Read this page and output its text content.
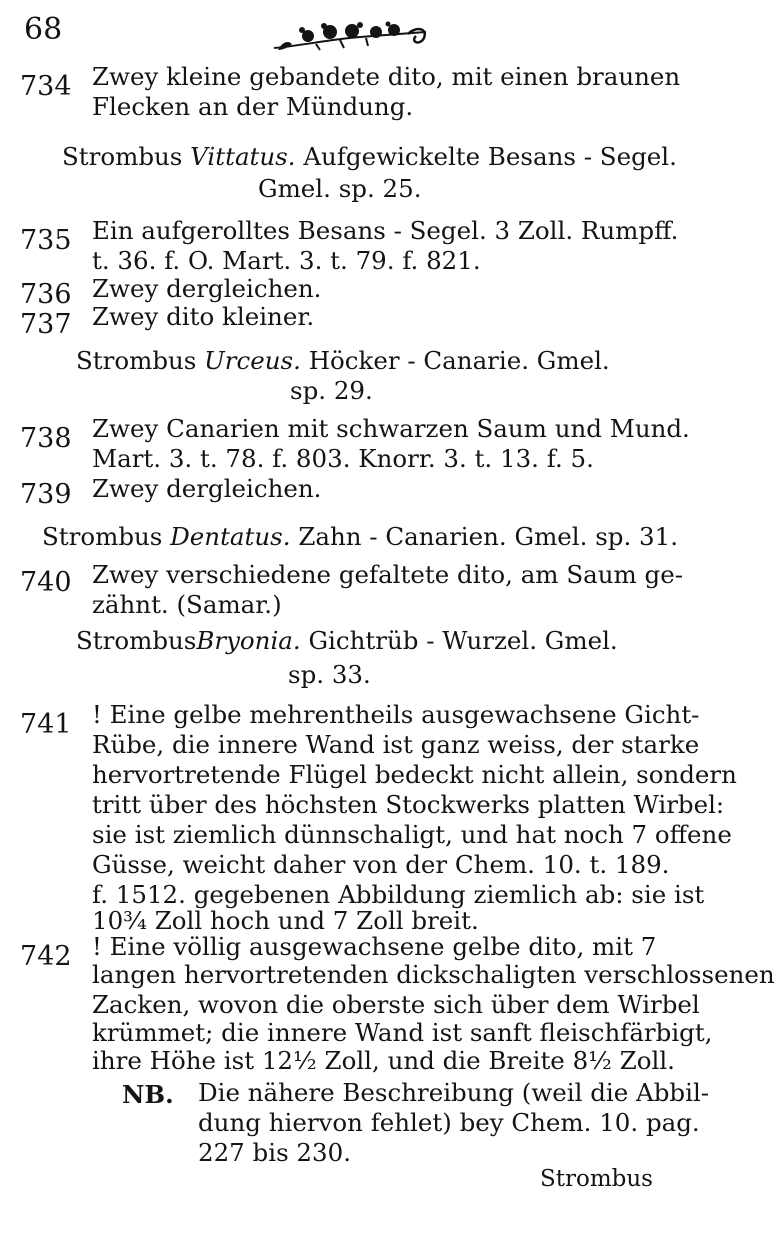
68
734 Zwey kleine gebandete dito, mit einen braunen
Flecken an der Mündung.
Strombus Vittatus. Aufgewickelte Besans - Segel.
Gmel. sp. 25.
735 Ein aufgerolltes Besans - Segel. 3 Zoll. Rumpff.
t. 36. f. O. Mart. 3. t. 79. f. 821.
736 Zwey dergleichen.
737 Zwey dito kleiner.
Strombus Urceus. Höcker - Canarie. Gmel.
sp. 29.
738 Zwey Canarien mit schwarzen Saum und Mund.
Mart. 3. t. 78. f. 803. Knorr. 3. t. 13. f. 5.
739 Zwey dergleichen.
Strombus Dentatus. Zahn - Canarien. Gmel. sp. 31.
740 Zwey verschiedene gefaltete dito, am Saum ge-
zähnt. (Samar.)
StrombusBryonia. Gichtrüb - Wurzel. Gmel.
sp. 33.
741 ! Eine gelbe mehrentheils ausgewachsene Gicht-
Rübe, die innere Wand ist ganz weiss, der starke
hervortretende Flügel bedeckt nicht allein, sondern
tritt über des höchsten Stockwerks platten Wirbel:
sie ist ziemlich dünnschaligt, und hat noch 7 offene
Güsse, weicht daher von der Chem. 10. t. 189.
f. 1512. gegebenen Abbildung ziemlich ab: sie ist
10¾ Zoll hoch und 7 Zoll breit.
742 ! Eine völlig ausgewachsene gelbe dito, mit 7
langen hervortretenden dickschaligten verschlossenen
Zacken, wovon die oberste sich über dem Wirbel
krümmet; die innere Wand ist sanft fleischfärbigt,
ihre Höhe ist 12½ Zoll, und die Breite 8½ Zoll.
NB. Die nähere Beschreibung (weil die Abbil-
dung hiervon fehlet) bey Chem. 10. pag.
227 bis 230.
Strombus
